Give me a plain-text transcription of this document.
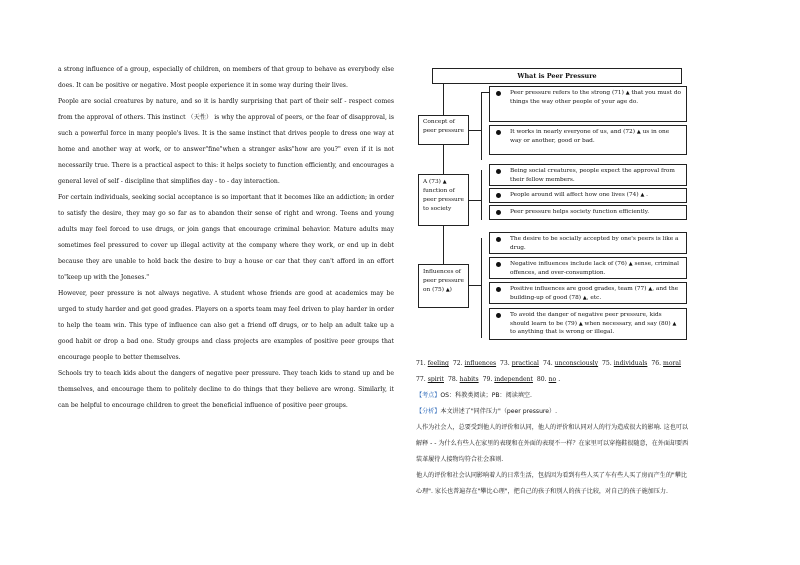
a strong influence of a group, especially of children, on members of that group to behave as everybody else does. It can be positive or negative. Most people experience it in some way during their lives.

People are social creatures by nature, and so it is hardly surprising that part of their self - respect comes from the approval of others. This instinct （天性） is why the approval of peers, or the fear of disapproval, is such a powerful force in many people's lives. It is the same instinct that drives people to dress one way at home and another way at work, or to answer"fine"when a stranger asks"how are you?" even if it is not necessarily true. There is a practical aspect to this: it helps society to function efficiently, and encourages a general level of self - discipline that simplifies day - to - day interaction.

For certain individuals, seeking social acceptance is so important that it becomes like an addiction; in order to satisfy the desire, they may go so far as to abandon their sense of right and wrong. Teens and young adults may feel forced to use drugs, or join gangs that encourage criminal behavior. Mature adults may sometimes feel pressured to cover up illegal activity at the company where they work, or end up in debt because they are unable to hold back the desire to buy a house or car that they can't afford in an effort to"keep up with the Joneses."

However, peer pressure is not always negative. A student whose friends are good at academics may be urged to study harder and get good grades. Players on a sports team may feel driven to play harder in order to help the team win. This type of influence can also get a friend off drugs, or to help an adult take up a good habit or drop a bad one. Study groups and class projects are examples of positive peer groups that encourage people to better themselves.

Schools try to teach kids about the dangers of negative peer pressure. They teach kids to stand up and be themselves, and encourage them to politely decline to do things that they believe are wrong. Similarly, it can be helpful to encourage children to greet the beneficial influence of positive peer groups.

What is Peer Pressure
Concept of peer pressure
A (73) ▲ function of peer pressure to society
Influences of peer pressure on (75) ▲)
Peer pressure refers to the strong (71) ▲ that you must do things the way other people of your age do.
It works in nearly everyone of us, and (72) ▲ us in one way or another, good or bad.
Being social creatures, people expect the approval from their fellow members.
People around will affect how one lives (74) ▲ .
Peer pressure helps society function efficiently.
The desire to be socially accepted by one's peers is like a drug.
Negative influences include lack of (76) ▲ sense, criminal offences, and over-consumption.
Positive influences are good grades, team (77) ▲, and the building-up of good (78) ▲, etc.
To avoid the danger of negative peer pressure, kids should learn to be (79) ▲ when necessary, and say (80) ▲ to anything that is wrong or illegal.
71. feeling 72. influences 73. practical 74. unconsciously 75. individuals 76. moral
77. spirit 78. habits 79. independent 80. no .
【考点】OS：科教类阅读；PB：阅读填空.
【分析】本文讲述了"同伴压力"（peer pressure）.
人作为社会人，总要受到他人的评价和认同，他人的评价和认同对人的行为造成很大的影响. 这也可以解释 - - 为什么有些人在家里的表现和在外面的表现不一样？在家里可以穿拖鞋很随意，在外面却要西装革履待人接物均符合社会准则.
他人的评价和社会认同影响着人的日常生活，包括因为看到有些人买了车有些人买了房而产生的"攀比心理". 家长也普遍存在"攀比心理"，把自己的孩子和别人的孩子比较，对自己的孩子施加压力.
